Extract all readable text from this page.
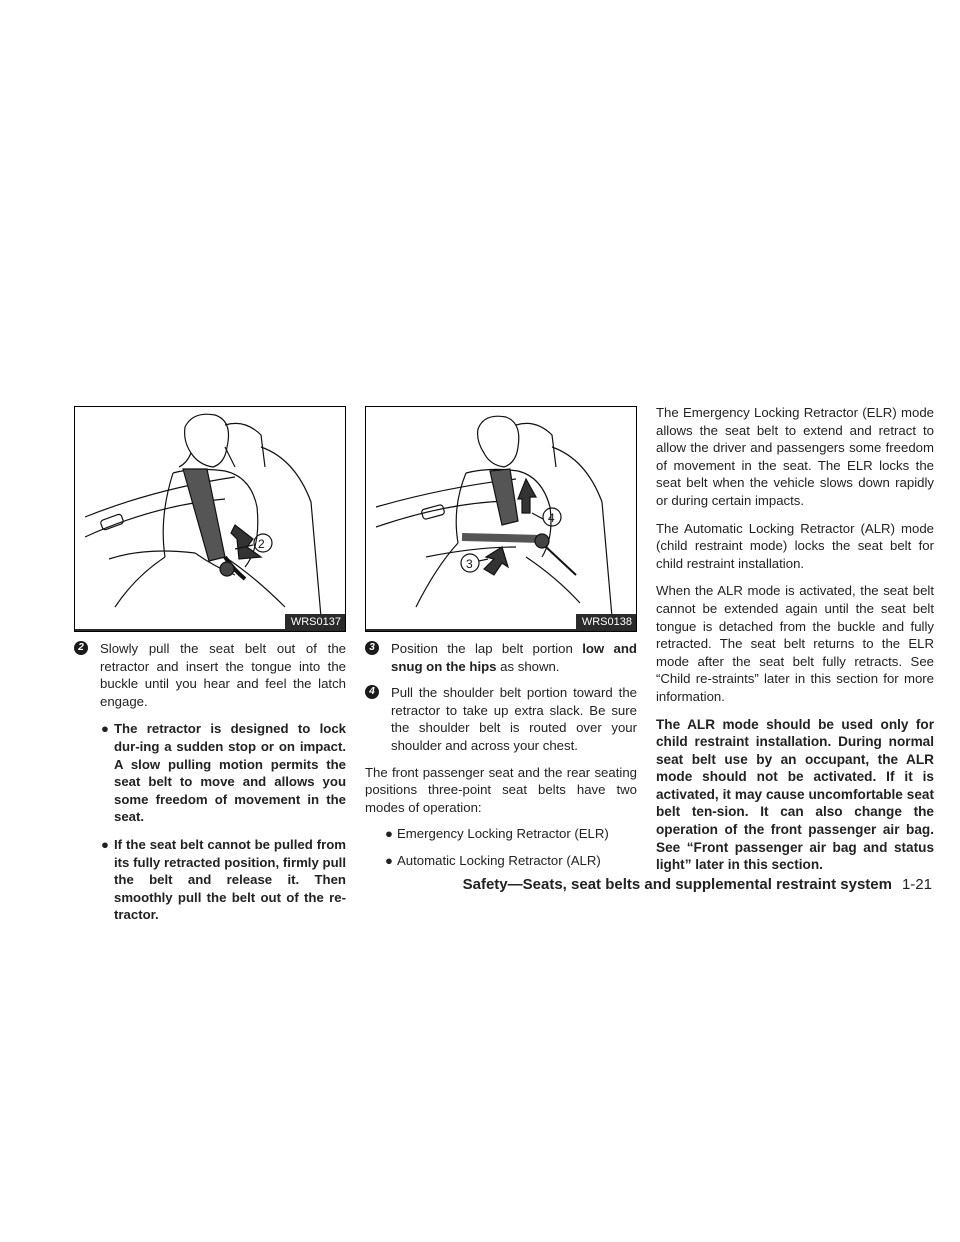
2
WRS0137
2	Slowly pull the seat belt out of the retractor and insert the tongue into the buckle until you hear and feel the latch engage.

● The retractor is designed to lock dur-ing a sudden stop or on impact. A slow pulling motion permits the seat belt to move and allows you some freedom of movement in the seat.

● If the seat belt cannot be pulled from its fully retracted position, firmly pull the belt and release it. Then smoothly pull the belt out of the re-tractor.

4
3
WRS0138
3	Position the lap belt portion low and snug on the hips as shown.

4	Pull the shoulder belt portion toward the retractor to take up extra slack. Be sure the shoulder belt is routed over your shoulder and across your chest.

The front passenger seat and the rear seating positions three-point seat belts have two modes of operation:

● Emergency Locking Retractor (ELR)

● Automatic Locking Retractor (ALR)

The Emergency Locking Retractor (ELR) mode allows the seat belt to extend and retract to allow the driver and passengers some freedom of movement in the seat. The ELR locks the seat belt when the vehicle slows down rapidly or during certain impacts.

The Automatic Locking Retractor (ALR) mode (child restraint mode) locks the seat belt for child restraint installation.

When the ALR mode is activated, the seat belt cannot be extended again until the seat belt tongue is detached from the buckle and fully retracted. The seat belt returns to the ELR mode after the seat belt fully retracts. See “Child re-straints” later in this section for more information.

The ALR mode should be used only for child restraint installation. During normal seat belt use by an occupant, the ALR mode should not be activated. If it is activated, it may cause uncomfortable seat belt ten-sion. It can also change the operation of the front passenger air bag. See “Front passenger air bag and status light” later in this section.

Safety—Seats, seat belts and supplemental restraint system 1-21
